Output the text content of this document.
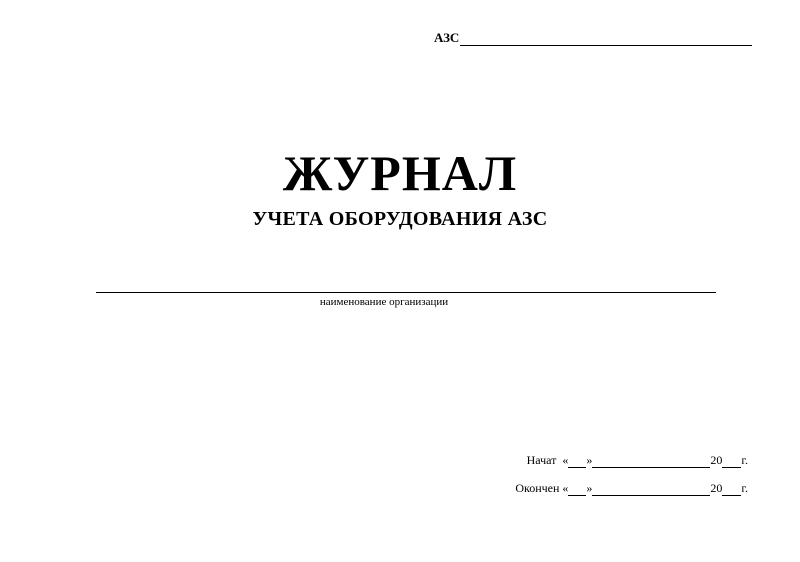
АЗС
ЖУРНАЛ
УЧЕТА ОБОРУДОВАНИЯ АЗС
наименование организации
Начат
« »	20 г.
Окончен
« »	20 г.
